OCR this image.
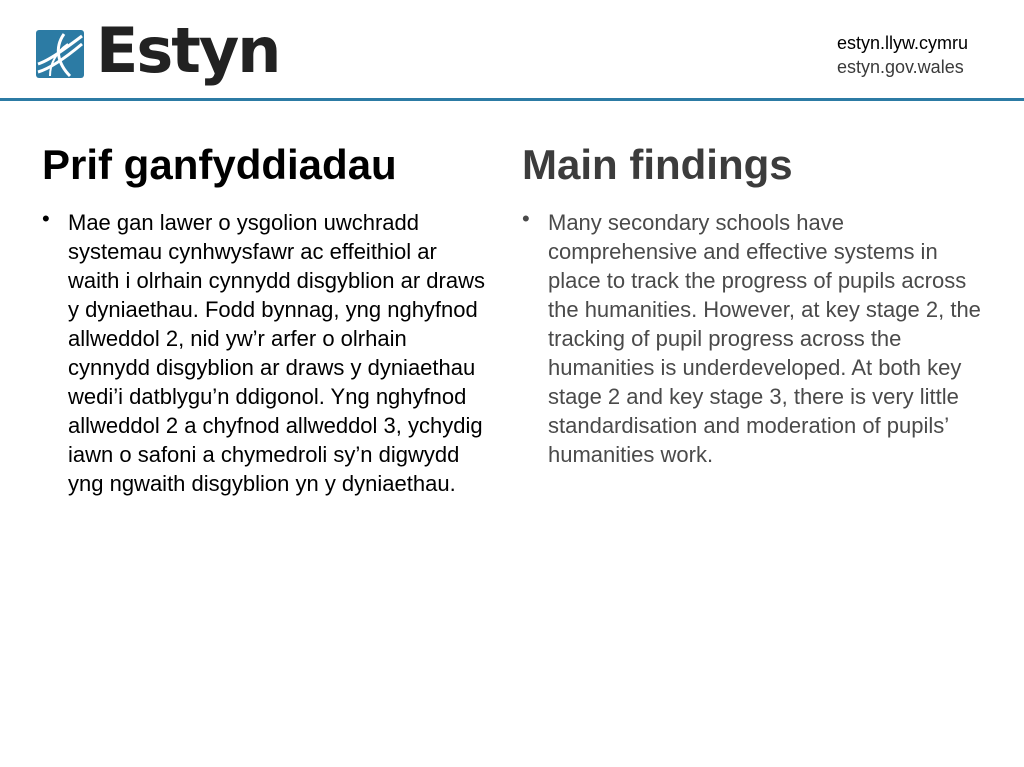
Estyn	estyn.llyw.cymru
estyn.gov.wales
Prif ganfyddiadau
• Mae gan lawer o ysgolion uwchradd systemau cynhwysfawr ac effeithiol ar waith i olrhain cynnydd disgyblion ar draws y dyniaethau. Fodd bynnag, yng nghyfnod allweddol 2, nid yw’r arfer o olrhain cynnydd disgyblion ar draws y dyniaethau wedi’i datblygu’n ddigonol. Yng nghyfnod allweddol 2 a chyfnod allweddol 3, ychydig iawn o safoni a chymedroli sy’n digwydd yng ngwaith disgyblion yn y dyniaethau.
Main findings
• Many secondary schools have comprehensive and effective systems in place to track the progress of pupils across the humanities. However, at key stage 2, the tracking of pupil progress across the humanities is underdeveloped. At both key stage 2 and key stage 3, there is very little standardisation and moderation of pupils’ humanities work.
